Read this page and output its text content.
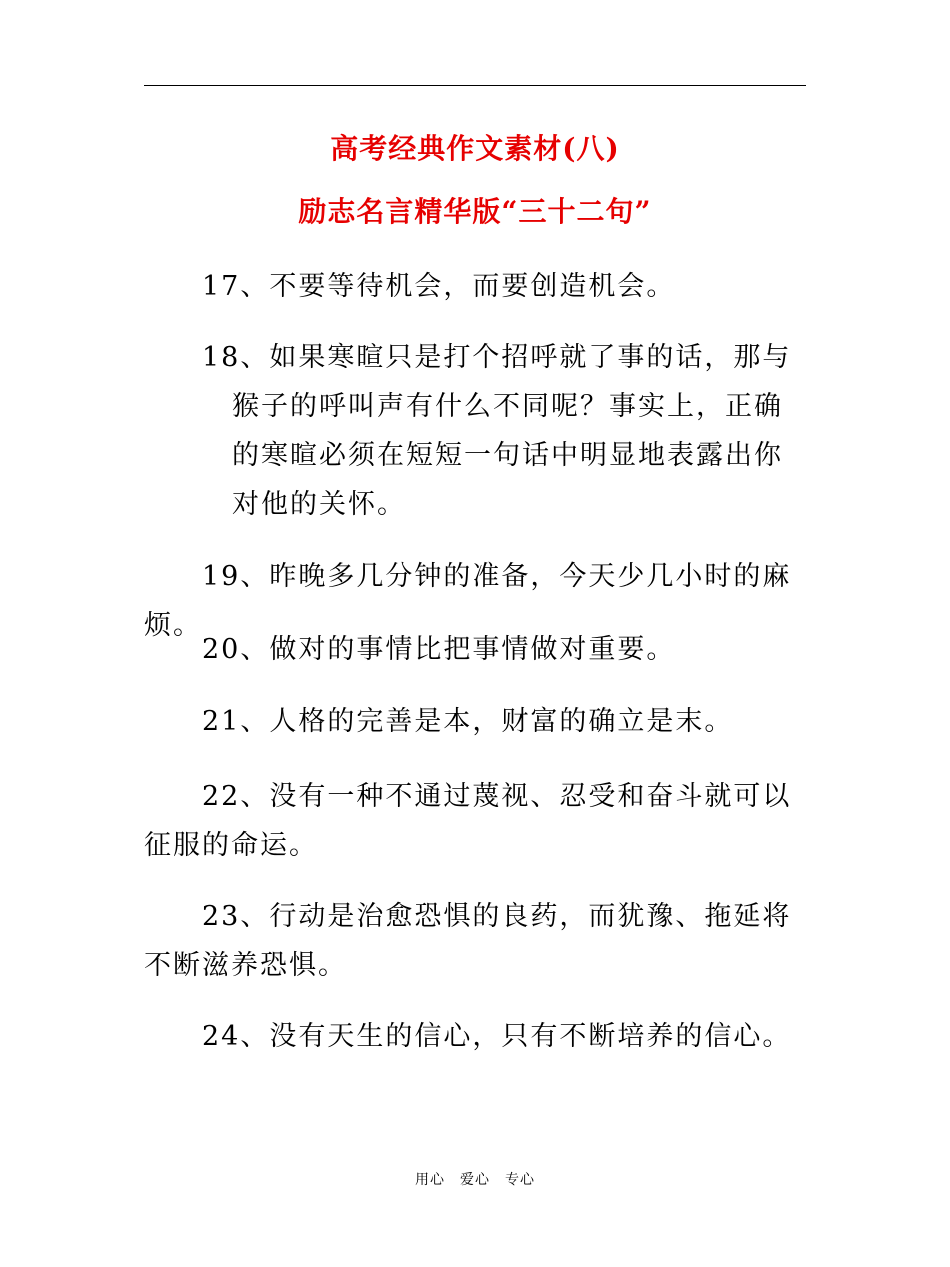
高考经典作文素材(八)
励志名言精华版“三十二句”

17、不要等待机会，而要创造机会。

18、如果寒暄只是打个招呼就了事的话，那与猴子的呼叫声有什么不同呢？事实上，正确的寒暄必须在短短一句话中明显地表露出你对他的关怀。

19、昨晚多几分钟的准备，今天少几小时的麻烦。

20、做对的事情比把事情做对重要。

21、人格的完善是本，财富的确立是末。

22、没有一种不通过蔑视、忍受和奋斗就可以征服的命运。

23、行动是治愈恐惧的良药，而犹豫、拖延将不断滋养恐惧。

24、没有天生的信心，只有不断培养的信心。

用心　爱心　专心
